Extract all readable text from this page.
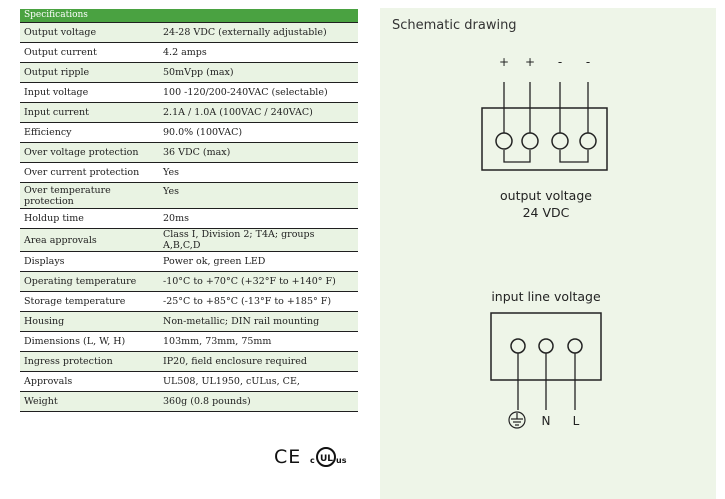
Specifications	
Output voltage	24-28 VDC (externally adjustable)
Output current	4.2 amps
Output ripple	50mVpp (max)
Input voltage	100 -120/200-240VAC (selectable)
Input current	2.1A / 1.0A (100VAC / 240VAC)
Efficiency	90.0% (100VAC)
Over voltage protection	36 VDC (max)
Over current protection	Yes
Over temperature protection	Yes
Holdup time	20ms
Area approvals	Class I, Division 2; T4A; groups A,B,C,D
Displays	Power ok, green LED
Operating temperature	-10°C to +70°C (+32°F to +140° F)
Storage temperature	-25°C to +85°C (-13°F to +185° F)
Housing	Non-metallic; DIN rail mounting
Dimensions (L, W, H)	103mm, 73mm, 75mm
Ingress protection	IP20, field enclosure required
Approvals	UL508, UL1950, cULus, CE,
Weight	360g (0.8 pounds)
CE c UL us
Schematic drawing
+ + - -
output voltage
24 VDC
input line voltage
N L
